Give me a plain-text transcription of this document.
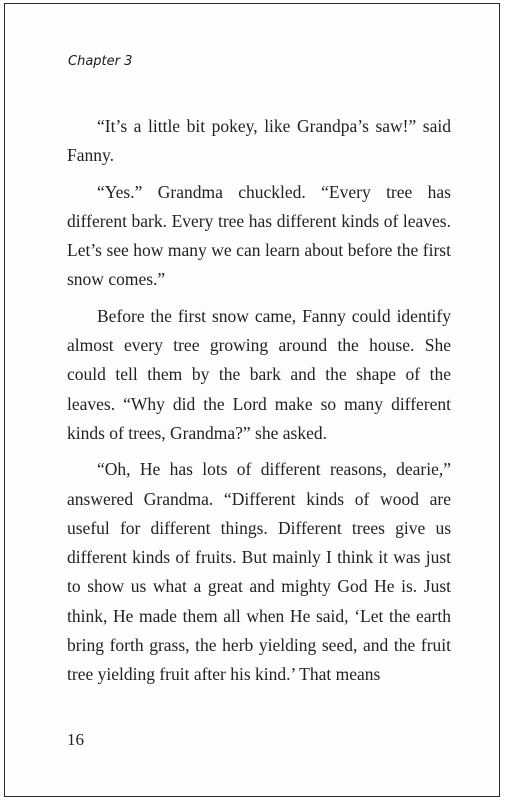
Chapter 3

“It’s a little bit pokey, like Grandpa’s saw!” said Fanny.

“Yes.” Grandma chuckled. “Every tree has different bark. Every tree has different kinds of leaves. Let’s see how many we can learn about before the first snow comes.”

Before the first snow came, Fanny could identify almost every tree growing around the house. She could tell them by the bark and the shape of the leaves. “Why did the Lord make so many different kinds of trees, Grandma?” she asked.

“Oh, He has lots of different reasons, dearie,” answered Grandma. “Different kinds of wood are useful for different things. Different trees give us different kinds of fruits. But mainly I think it was just to show us what a great and mighty God He is. Just think, He made them all when He said, ‘Let the earth bring forth grass, the herb yielding seed, and the fruit tree yielding fruit after his kind.’ That means

16
